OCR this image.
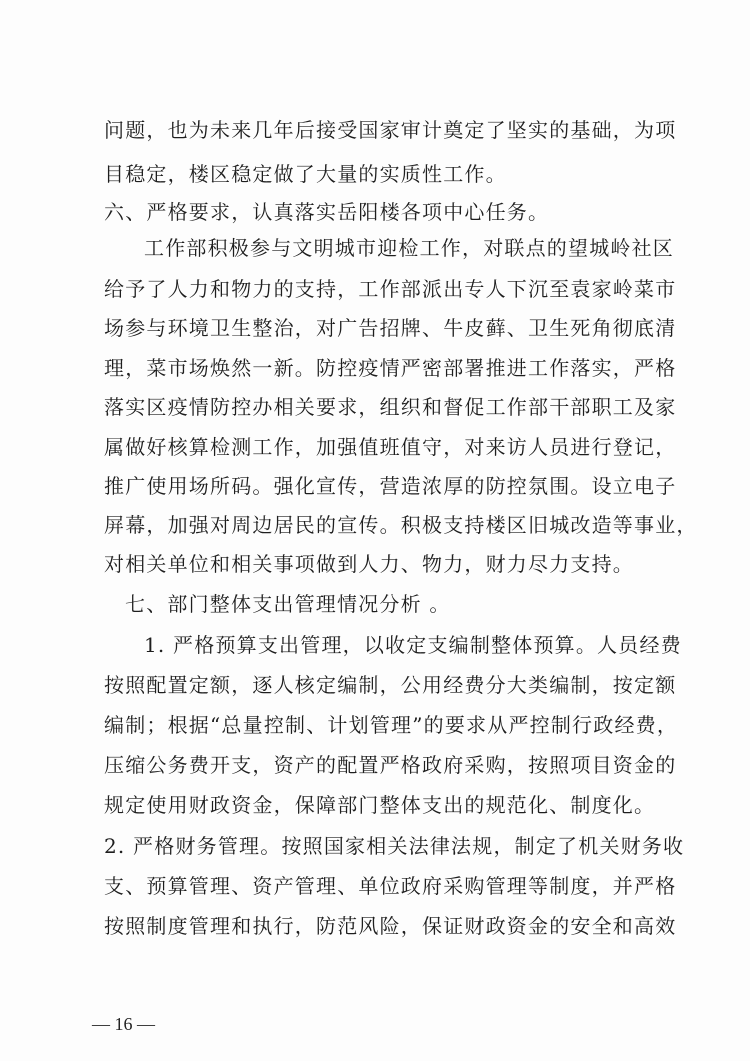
问题，也为未来几年后接受国家审计奠定了坚实的基础，为项
目稳定，楼区稳定做了大量的实质性工作。
六、严格要求，认真落实岳阳楼各项中心任务。
工作部积极参与文明城市迎检工作，对联点的望城岭社区
给予了人力和物力的支持，工作部派出专人下沉至袁家岭菜市
场参与环境卫生整治，对广告招牌、牛皮藓、卫生死角彻底清
理，菜市场焕然一新。防控疫情严密部署推进工作落实，严格
落实区疫情防控办相关要求，组织和督促工作部干部职工及家
属做好核算检测工作，加强值班值守，对来访人员进行登记，
推广使用场所码。强化宣传，营造浓厚的防控氛围。设立电子
屏幕，加强对周边居民的宣传。积极支持楼区旧城改造等事业，
对相关单位和相关事项做到人力、物力，财力尽力支持。
七、部门整体支出管理情况分析 。
1. 严格预算支出管理，以收定支编制整体预算。人员经费
按照配置定额，逐人核定编制，公用经费分大类编制，按定额
编制；根据“总量控制、计划管理”的要求从严控制行政经费，
压缩公务费开支，资产的配置严格政府采购，按照项目资金的
规定使用财政资金，保障部门整体支出的规范化、制度化。
2. 严格财务管理。按照国家相关法律法规，制定了机关财务收
支、预算管理、资产管理、单位政府采购管理等制度，并严格
按照制度管理和执行，防范风险，保证财政资金的安全和高效
— 16 —
